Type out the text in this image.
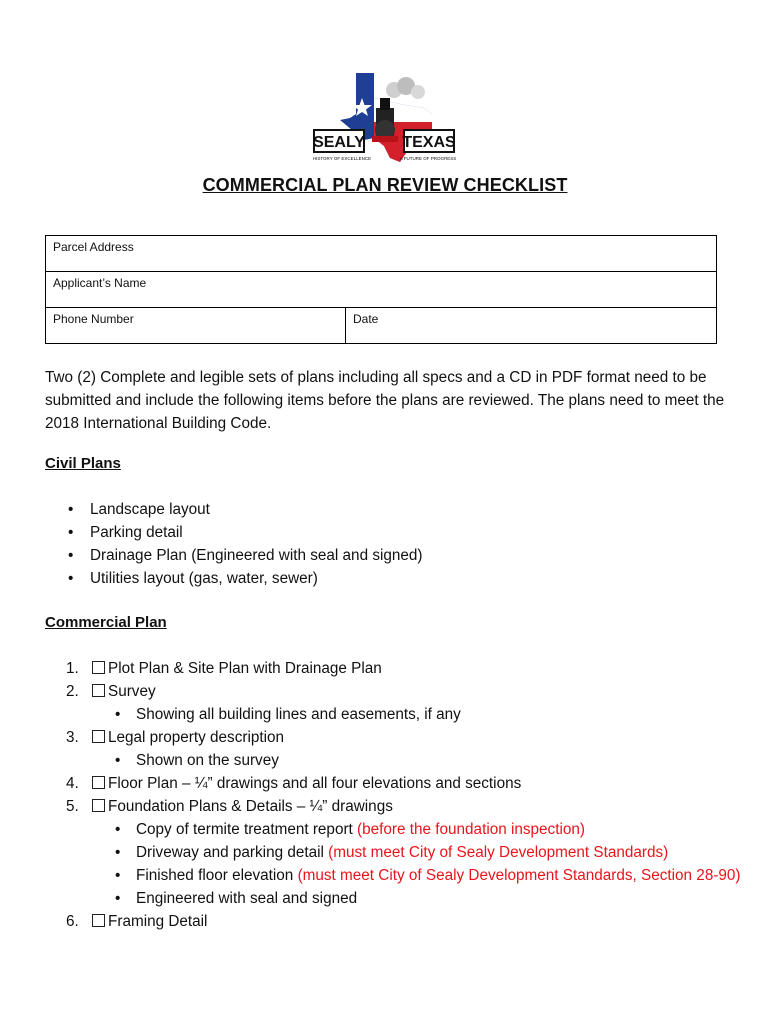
SEALY TEXAS
A HISTORY OF EXCELLENCE	A FUTURE OF PROGRESS
COMMERCIAL PLAN REVIEW CHECKLIST
Parcel Address
Applicant’s Name
Phone Number	Date
Two (2) Complete and legible sets of plans including all specs and a CD in PDF format need to be submitted and include the following items before the plans are reviewed. The plans need to meet the 2018 International Building Code.
Civil Plans
• Landscape layout
• Parking detail
• Drainage Plan (Engineered with seal and signed)
• Utilities layout (gas, water, sewer)
Commercial Plan
1. Plot Plan & Site Plan with Drainage Plan
2. Survey
• Showing all building lines and easements, if any
3. Legal property description
• Shown on the survey
4. Floor Plan – ¼” drawings and all four elevations and sections
5. Foundation Plans & Details – ¼” drawings
• Copy of termite treatment report (before the foundation inspection)
• Driveway and parking detail (must meet City of Sealy Development Standards)
• Finished floor elevation (must meet City of Sealy Development Standards, Section 28-90)
• Engineered with seal and signed
6. Framing Detail
